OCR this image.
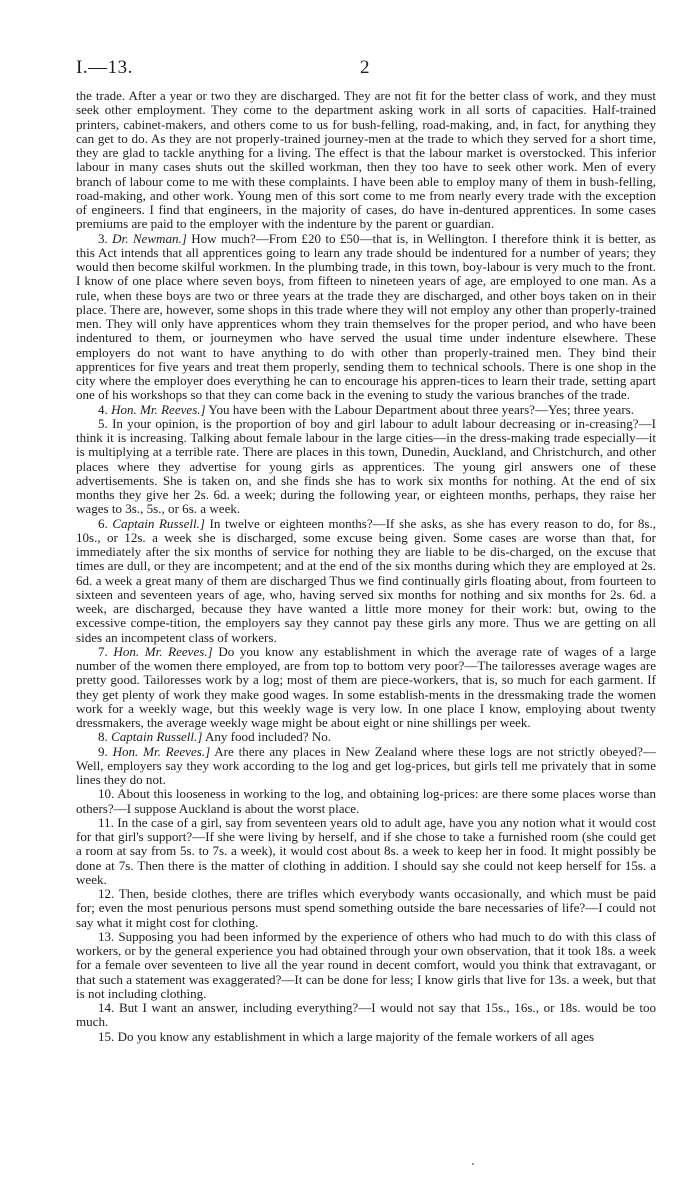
I.—13.	2

the trade. After a year or two they are discharged. They are not fit for the better class of work, and they must seek other employment. They come to the department asking work in all sorts of capacities. Half-trained printers, cabinet-makers, and others come to us for bush-felling, road-making, and, in fact, for anything they can get to do. As they are not properly-trained journey-men at the trade to which they served for a short time, they are glad to tackle anything for a living. The effect is that the labour market is overstocked. This inferior labour in many cases shuts out the skilled workman, then they too have to seek other work. Men of every branch of labour come to me with these complaints. I have been able to employ many of them in bush-felling, road-making, and other work. Young men of this sort come to me from nearly every trade with the exception of engineers. I find that engineers, in the majority of cases, do have in-dentured apprentices. In some cases premiums are paid to the employer with the indenture by the parent or guardian.

3. Dr. Newman.] How much?—From £20 to £50—that is, in Wellington. I therefore think it is better, as this Act intends that all apprentices going to learn any trade should be indentured for a number of years; they would then become skilful workmen. In the plumbing trade, in this town, boy-labour is very much to the front. I know of one place where seven boys, from fifteen to nineteen years of age, are employed to one man. As a rule, when these boys are two or three years at the trade they are discharged, and other boys taken on in their place. There are, however, some shops in this trade where they will not employ any other than properly-trained men. They will only have apprentices whom they train themselves for the proper period, and who have been indentured to them, or journeymen who have served the usual time under indenture elsewhere. These employers do not want to have anything to do with other than properly-trained men. They bind their apprentices for five years and treat them properly, sending them to technical schools. There is one shop in the city where the employer does everything he can to encourage his appren-tices to learn their trade, setting apart one of his workshops so that they can come back in the evening to study the various branches of the trade.

4. Hon. Mr. Reeves.] You have been with the Labour Department about three years?—Yes; three years.

5. In your opinion, is the proportion of boy and girl labour to adult labour decreasing or in-creasing?—I think it is increasing. Talking about female labour in the large cities—in the dress-making trade especially—it is multiplying at a terrible rate. There are places in this town, Dunedin, Auckland, and Christchurch, and other places where they advertise for young girls as apprentices. The young girl answers one of these advertisements. She is taken on, and she finds she has to work six months for nothing. At the end of six months they give her 2s. 6d. a week; during the following year, or eighteen months, perhaps, they raise her wages to 3s., 5s., or 6s. a week.

6. Captain Russell.] In twelve or eighteen months?—If she asks, as she has every reason to do, for 8s., 10s., or 12s. a week she is discharged, some excuse being given. Some cases are worse than that, for immediately after the six months of service for nothing they are liable to be dis-charged, on the excuse that times are dull, or they are incompetent; and at the end of the six months during which they are employed at 2s. 6d. a week a great many of them are discharged Thus we find continually girls floating about, from fourteen to sixteen and seventeen years of age, who, having served six months for nothing and six months for 2s. 6d. a week, are discharged, because they have wanted a little more money for their work: but, owing to the excessive compe-tition, the employers say they cannot pay these girls any more. Thus we are getting on all sides an incompetent class of workers.

7. Hon. Mr. Reeves.] Do you know any establishment in which the average rate of wages of a large number of the women there employed, are from top to bottom very poor?—The tailoresses average wages are pretty good. Tailoresses work by a log; most of them are piece-workers, that is, so much for each garment. If they get plenty of work they make good wages. In some establish-ments in the dressmaking trade the women work for a weekly wage, but this weekly wage is very low. In one place I know, employing about twenty dressmakers, the average weekly wage might be about eight or nine shillings per week.

8. Captain Russell.] Any food included? No.

9. Hon. Mr. Reeves.] Are there any places in New Zealand where these logs are not strictly obeyed?—Well, employers say they work according to the log and get log-prices, but girls tell me privately that in some lines they do not.

10. About this looseness in working to the log, and obtaining log-prices: are there some places worse than others?—I suppose Auckland is about the worst place.

11. In the case of a girl, say from seventeen years old to adult age, have you any notion what it would cost for that girl's support?—If she were living by herself, and if she chose to take a furnished room (she could get a room at say from 5s. to 7s. a week), it would cost about 8s. a week to keep her in food. It might possibly be done at 7s. Then there is the matter of clothing in addition. I should say she could not keep herself for 15s. a week.

12. Then, beside clothes, there are trifles which everybody wants occasionally, and which must be paid for; even the most penurious persons must spend something outside the bare necessaries of life?—I could not say what it might cost for clothing.

13. Supposing you had been informed by the experience of others who had much to do with this class of workers, or by the general experience you had obtained through your own observation, that it took 18s. a week for a female over seventeen to live all the year round in decent comfort, would you think that extravagant, or that such a statement was exaggerated?—It can be done for less; I know girls that live for 13s. a week, but that is not including clothing.

14. But I want an answer, including everything?—I would not say that 15s., 16s., or 18s. would be too much.

15. Do you know any establishment in which a large majority of the female workers of all ages
